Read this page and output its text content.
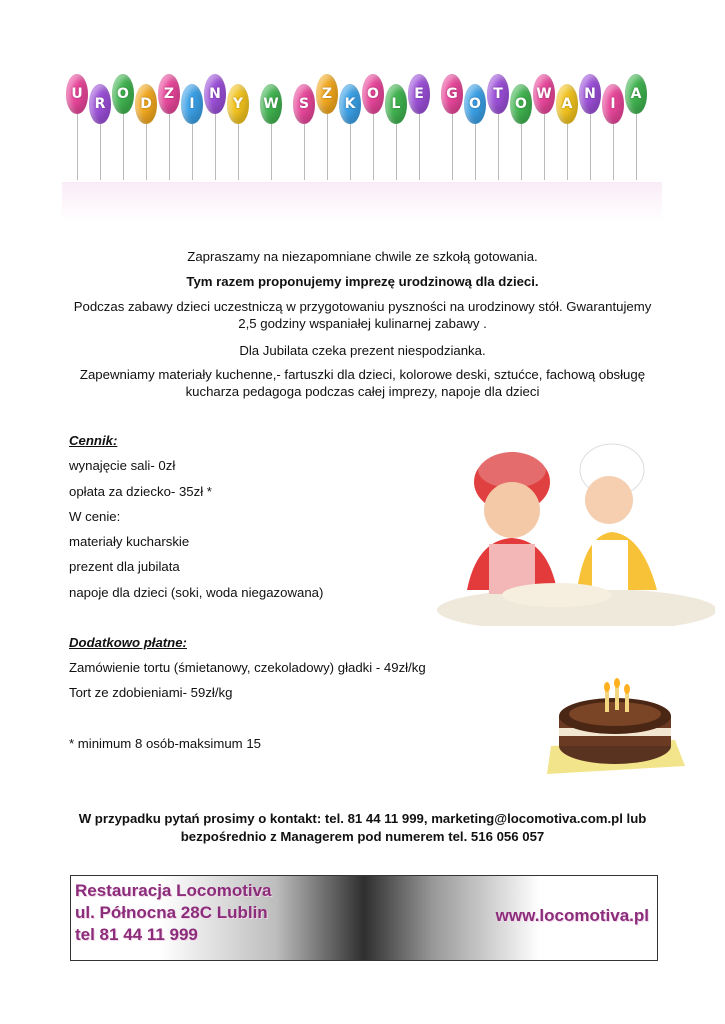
U
R
O
D
Z
I
N
Y	W	S
Z
K
O
L
E	G
O
T
O
W
A
N
I
A
Zapraszamy na niezapomniane chwile ze szkołą gotowania.
Tym razem proponujemy imprezę urodzinową dla dzieci.
Podczas zabawy dzieci uczestniczą w przygotowaniu pyszności na urodzinowy stół. Gwarantujemy
2,5 godziny wspaniałej kulinarnej zabawy .
Dla Jubilata czeka prezent niespodzianka.
Zapewniamy materiały kuchenne,- fartuszki dla dzieci, kolorowe deski, sztućce, fachową obsługę
kucharza pedagoga podczas całej imprezy, napoje dla dzieci
Cennik:
wynajęcie sali- 0zł
opłata za dziecko- 35zł *
W cenie:
materiały kucharskie
prezent dla jubilata
napoje dla dzieci (soki, woda niegazowana)
Dodatkowo płatne:
Zamówienie tortu (śmietanowy, czekoladowy) gładki - 49zł/kg
Tort ze zdobieniami- 59zł/kg
* minimum 8 osób-maksimum 15
W przypadku pytań prosimy o kontakt: tel. 81 44 11 999, marketing@locomotiva.com.pl lub
bezpośrednio z Managerem pod numerem tel. 516 056 057
Restauracja Locomotiva
ul. Północna 28C Lublin
tel 81 44 11 999
www.locomotiva.pl
